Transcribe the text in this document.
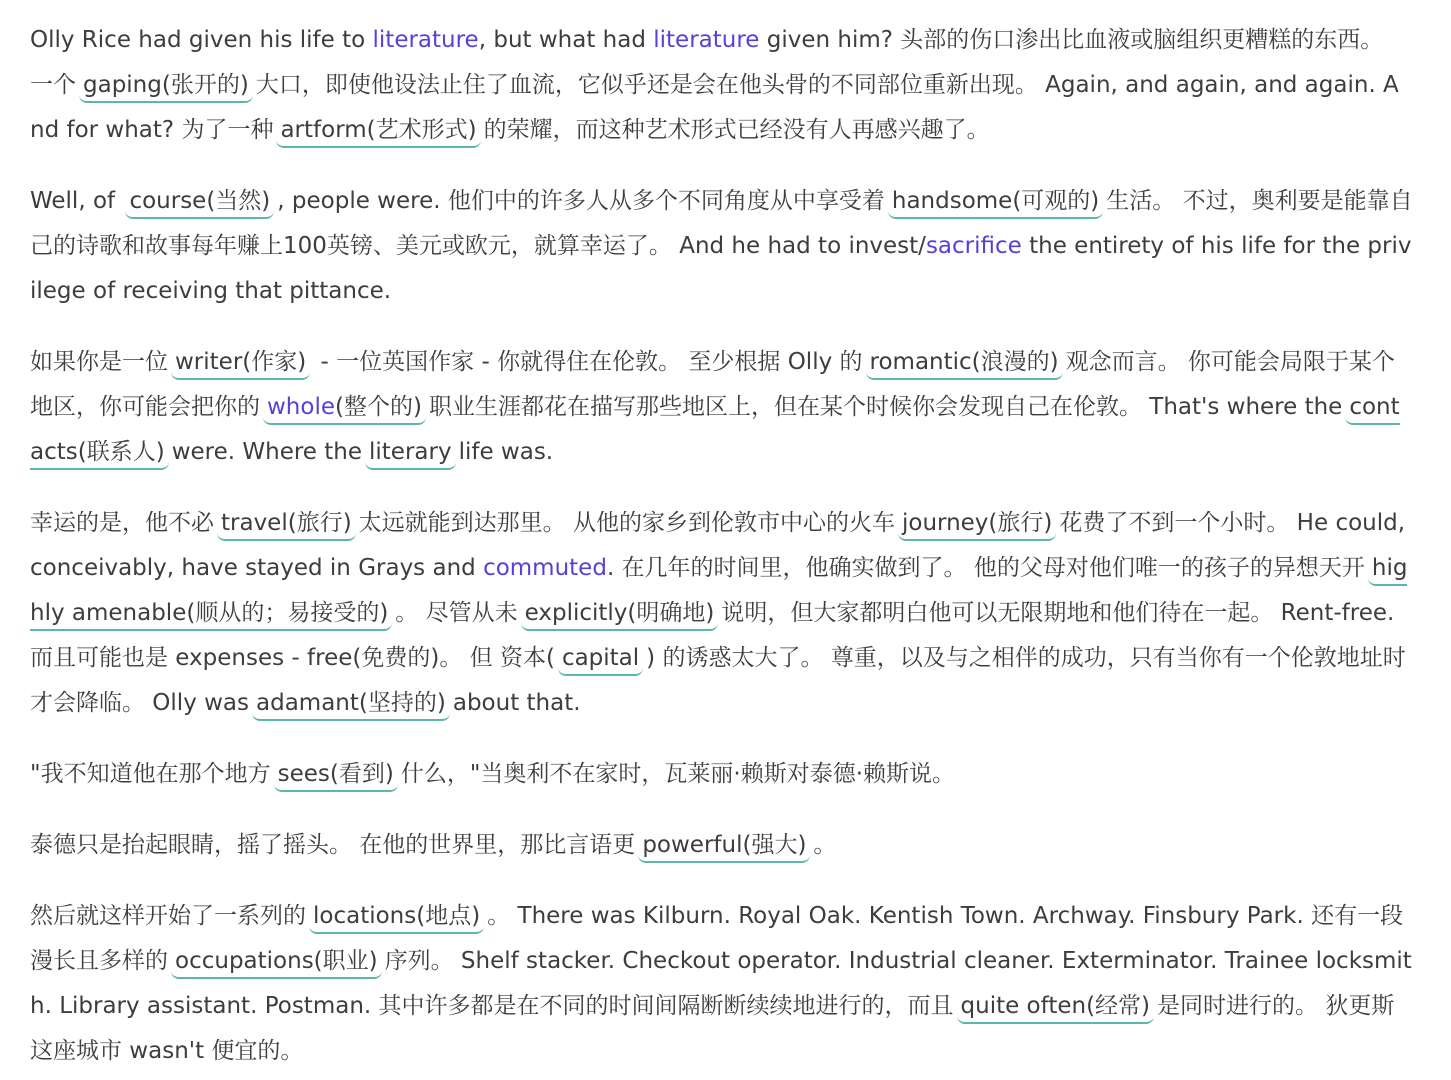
Olly Rice had given his life to literature, but what had literature given him? 头部的伤口渗出比血液或脑组织更糟糕的东西。 一个 gaping(张开的) 大口，即使他设法止住了血流，它似乎还是会在他头骨的不同部位重新出现。 Again, and again, and again. And for what? 为了一种 artform(艺术形式) 的荣耀，而这种艺术形式已经没有人再感兴趣了。

Well, of course(当然) , people were. 他们中的许多人从多个不同角度从中享受着 handsome(可观的) 生活。 不过，奥利要是能靠自己的诗歌和故事每年赚上100英镑、美元或欧元，就算幸运了。 And he had to invest/sacrifice the entirety of his life for the privilege of receiving that pittance.

如果你是一位 writer(作家) - 一位英国作家 - 你就得住在伦敦。 至少根据 Olly 的 romantic(浪漫的) 观念而言。 你可能会局限于某个地区，你可能会把你的 whole(整个的) 职业生涯都花在描写那些地区上，但在某个时候你会发现自己在伦敦。 That's where the contacts(联系人) were. Where the literary life was.

幸运的是，他不必 travel(旅行) 太远就能到达那里。 从他的家乡到伦敦市中心的火车 journey(旅行) 花费了不到一个小时。 He could, conceivably, have stayed in Grays and commuted. 在几年的时间里，他确实做到了。 他的父母对他们唯一的孩子的异想天开 highly amenable(顺从的；易接受的) 。 尽管从未 explicitly(明确地) 说明，但大家都明白他可以无限期地和他们待在一起。 Rent-free. 而且可能也是 expenses - free(免费的)。 但 资本( capital ) 的诱惑太大了。 尊重，以及与之相伴的成功，只有当你有一个伦敦地址时才会降临。 Olly was adamant(坚持的) about that.

"我不知道他在那个地方 sees(看到) 什么，"当奥利不在家时，瓦莱丽·赖斯对泰德·赖斯说。

泰德只是抬起眼睛，摇了摇头。 在他的世界里，那比言语更 powerful(强大) 。

然后就这样开始了一系列的 locations(地点) 。 There was Kilburn. Royal Oak. Kentish Town. Archway. Finsbury Park. 还有一段漫长且多样的 occupations(职业) 序列。 Shelf stacker. Checkout operator. Industrial cleaner. Exterminator. Trainee locksmith. Library assistant. Postman. 其中许多都是在不同的时间间隔断断续续地进行的，而且 quite often(经常) 是同时进行的。 狄更斯这座城市 wasn't 便宜的。
